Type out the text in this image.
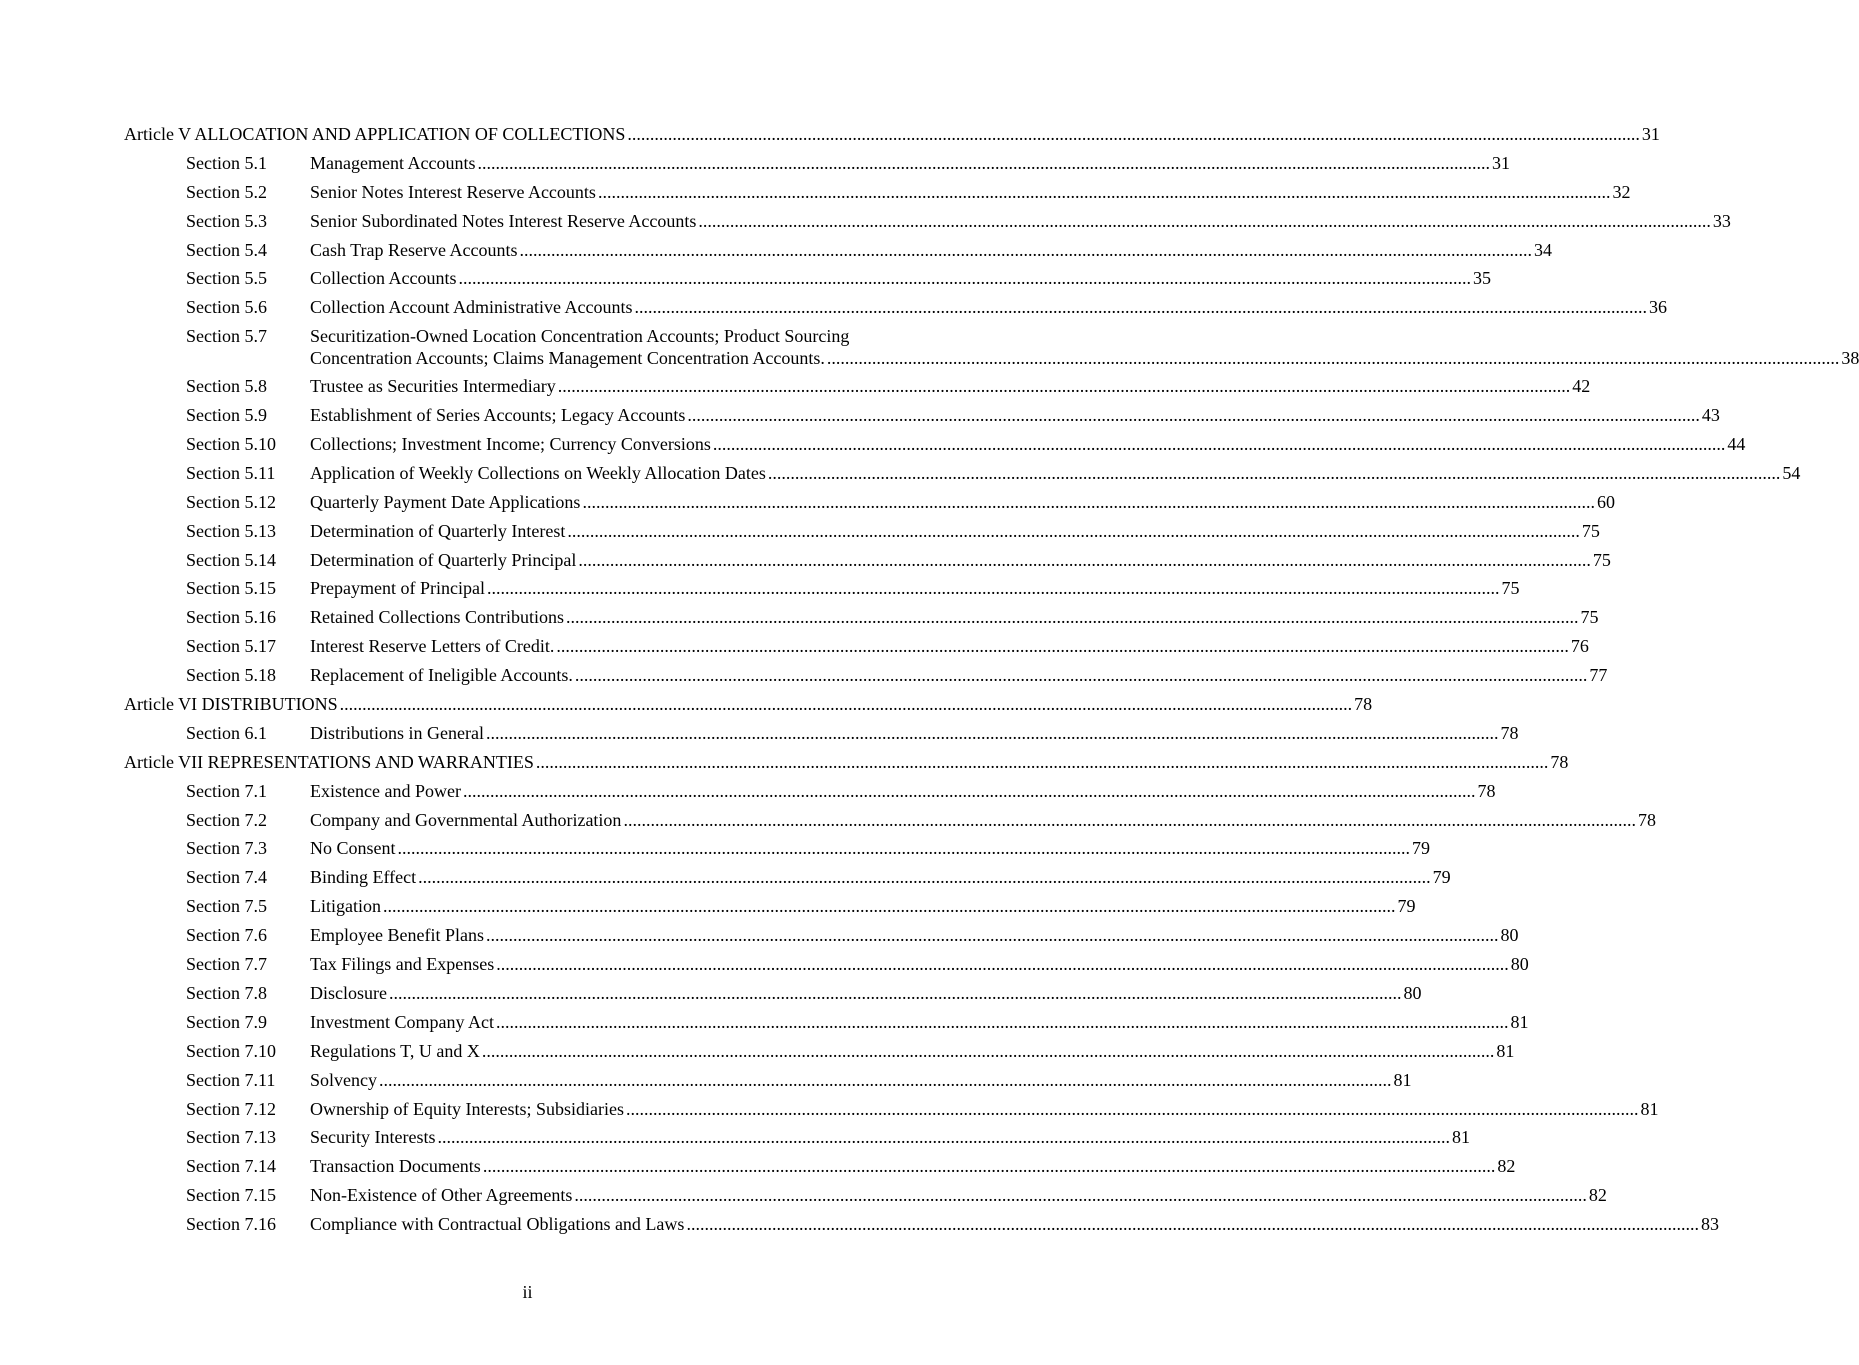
Article V ALLOCATION AND APPLICATION OF COLLECTIONS .....	31
Section 5.1	Management Accounts .....	31
Section 5.2	Senior Notes Interest Reserve Accounts .....	32
Section 5.3	Senior Subordinated Notes Interest Reserve Accounts .....	33
Section 5.4	Cash Trap Reserve Accounts .....	34
Section 5.5	Collection Accounts .....	35
Section 5.6	Collection Account Administrative Accounts .....	36
Section 5.7	Securitization-Owned Location Concentration Accounts; Product Sourcing
Concentration Accounts; Claims Management Concentration Accounts. .....	38
Section 5.8	Trustee as Securities Intermediary .....	42
Section 5.9	Establishment of Series Accounts; Legacy Accounts .....	43
Section 5.10	Collections; Investment Income; Currency Conversions .....	44
Section 5.11	Application of Weekly Collections on Weekly Allocation Dates .....	54
Section 5.12	Quarterly Payment Date Applications .....	60
Section 5.13	Determination of Quarterly Interest .....	75
Section 5.14	Determination of Quarterly Principal .....	75
Section 5.15	Prepayment of Principal .....	75
Section 5.16	Retained Collections Contributions .....	75
Section 5.17	Interest Reserve Letters of Credit. .....	76
Section 5.18	Replacement of Ineligible Accounts. .....	77
Article VI DISTRIBUTIONS .....	78
Section 6.1	Distributions in General .....	78
Article VII REPRESENTATIONS AND WARRANTIES .....	78
Section 7.1	Existence and Power .....	78
Section 7.2	Company and Governmental Authorization .....	78
Section 7.3	No Consent .....	79
Section 7.4	Binding Effect .....	79
Section 7.5	Litigation .....	79
Section 7.6	Employee Benefit Plans .....	80
Section 7.7	Tax Filings and Expenses .....	80
Section 7.8	Disclosure .....	80
Section 7.9	Investment Company Act .....	81
Section 7.10	Regulations T, U and X .....	81
Section 7.11	Solvency .....	81
Section 7.12	Ownership of Equity Interests; Subsidiaries .....	81
Section 7.13	Security Interests .....	81
Section 7.14	Transaction Documents .....	82
Section 7.15	Non-Existence of Other Agreements .....	82
Section 7.16	Compliance with Contractual Obligations and Laws .....	83
ii
